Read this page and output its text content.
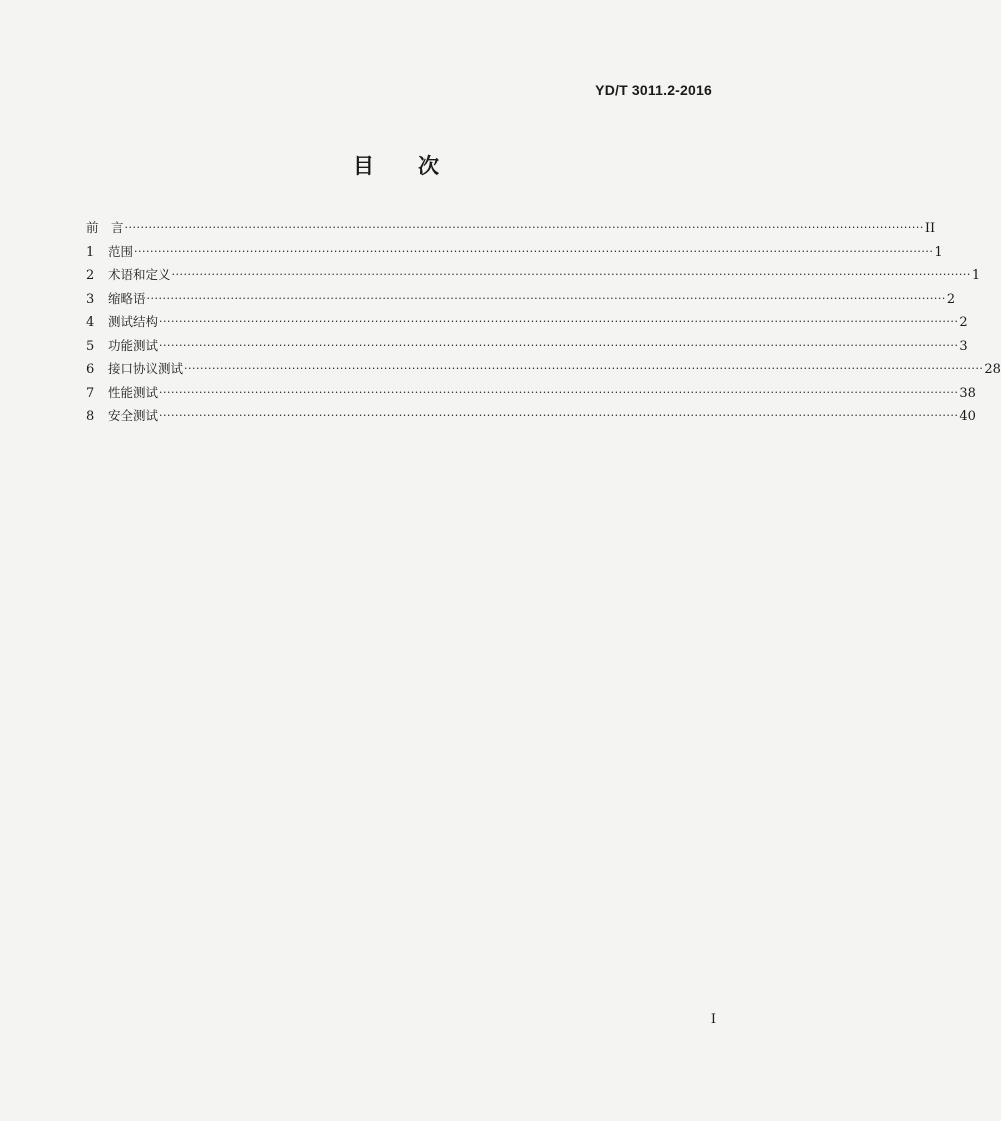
YD/T 3011.2-2016
目 次
前　言 ········································································································································································································ II
1	范围 ········································································································································································································ 1
2	术语和定义 ········································································································································································································ 1
3	缩略语 ········································································································································································································ 2
4	测试结构 ········································································································································································································ 2
5	功能测试 ········································································································································································································ 3
6	接口协议测试 ········································································································································································································ 28
7	性能测试 ········································································································································································································ 38
8	安全测试 ········································································································································································································ 40
I
